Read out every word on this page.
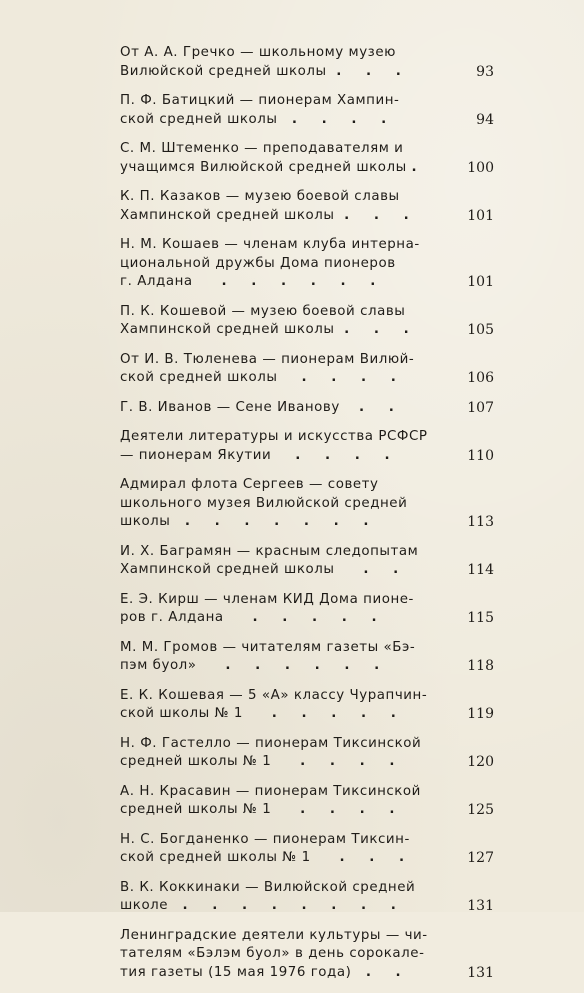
От А. А. Гречко — школьному музею
Вилюйской средней школы . . .	93
П. Ф. Батицкий — пионерам Хампин-
ской средней школы . . . .	94
С. М. Штеменко — преподавателям и
учащимся Вилюйской средней школы .	100
К. П. Казаков — музею боевой славы
Хампинской средней школы . . .	101
Н. М. Кошаев — членам клуба интерна-
циональной дружбы Дома пионеров
г. Алдана . . . . . .	101
П. К. Кошевой — музею боевой славы
Хампинской средней школы . . .	105
От И. В. Тюленева — пионерам Вилюй-
ской средней школы . . . .	106
Г. В. Иванов — Сене Иванову . .	107
Деятели литературы и искусства РСФСР
— пионерам Якутии . . . .	110
Адмирал флота Сергеев — совету
школьного музея Вилюйской средней
школы . . . . . . .	113
И. Х. Баграмян — красным следопытам
Хампинской средней школы . .	114
Е. Э. Кирш — членам КИД Дома пионе-
ров г. Алдана . . . . .	115
М. М. Громов — читателям газеты «Бэ-
пэм буол» . . . . . .	118
Е. К. Кошевая — 5 «А» классу Чурапчин-
ской школы № 1 . . . . .	119
Н. Ф. Гастелло — пионерам Тиксинской
средней школы № 1 . . . .	120
А. Н. Красавин — пионерам Тиксинской
средней школы № 1 . . . .	125
Н. С. Богданенко — пионерам Тиксин-
ской средней школы № 1 . . .	127
В. К. Коккинаки — Вилюйской средней
школе . . . . . . . .	131
Ленинградские деятели культуры — чи-
тателям «Бэлэм буол» в день сорокале-
тия газеты (15 мая 1976 года) . .	131
